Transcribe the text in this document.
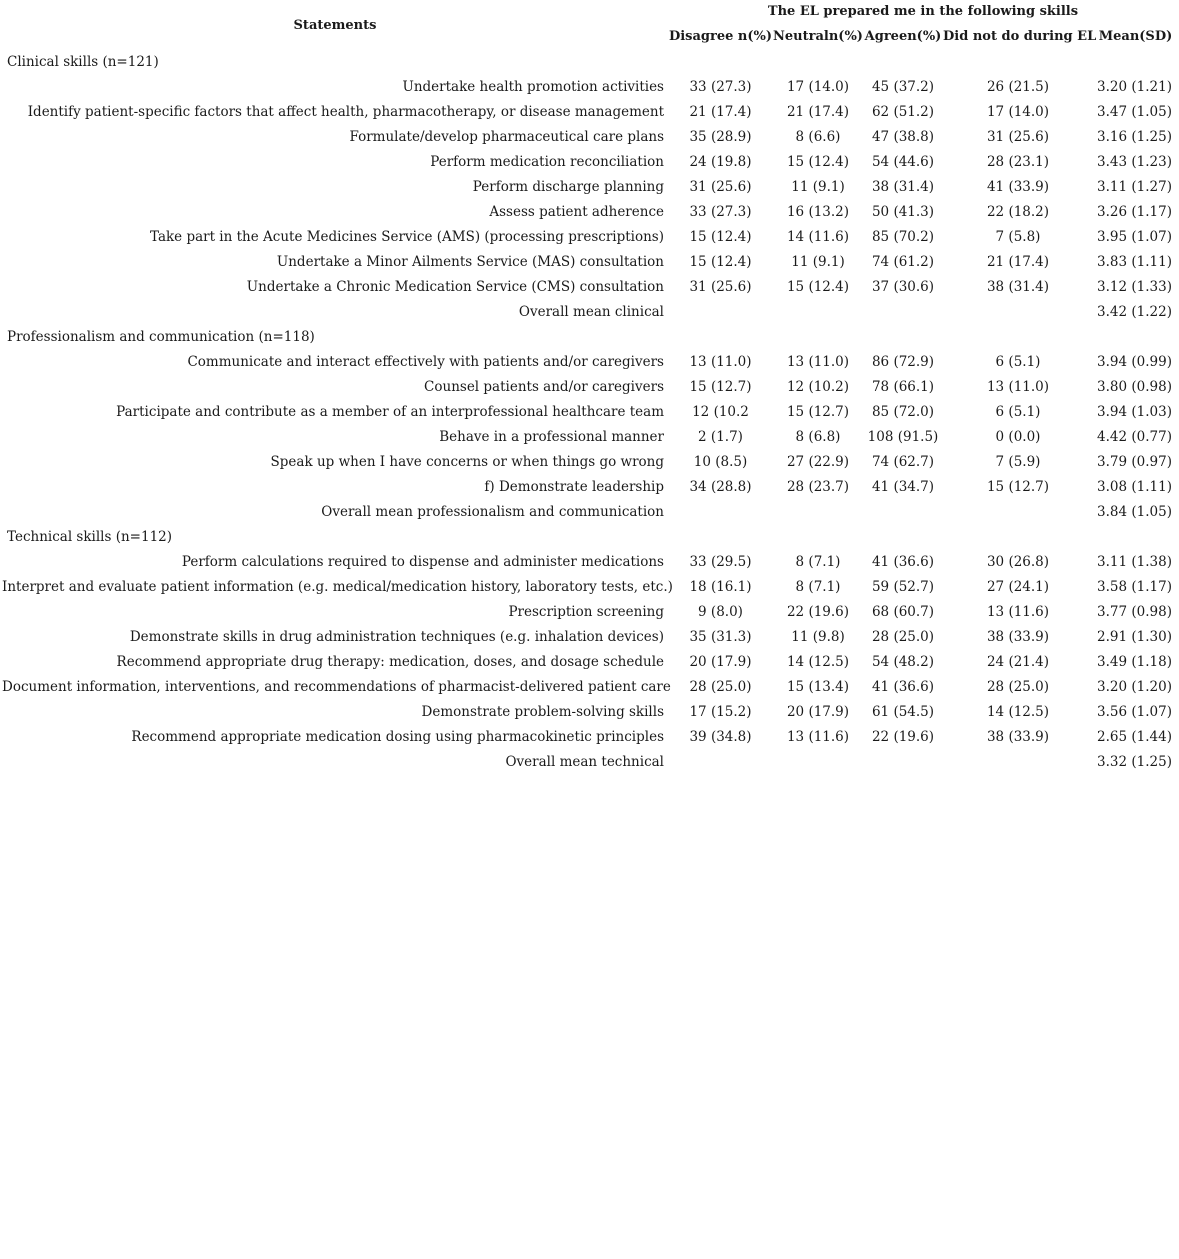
Statements	The EL prepared me in the following skills				
	Disagree n(%)	Neutraln(%)	Agreen(%)	Did not do during EL	Mean(SD)
Clinical skills (n=121)					
Undertake health promotion activities	33 (27.3)	17 (14.0)	45 (37.2)	26 (21.5)	3.20 (1.21)
Identify patient-specific factors that affect health, pharmacotherapy, or disease management	21 (17.4)	21 (17.4)	62 (51.2)	17 (14.0)	3.47 (1.05)
Formulate/develop pharmaceutical care plans	35 (28.9)	8 (6.6)	47 (38.8)	31 (25.6)	3.16 (1.25)
Perform medication reconciliation	24 (19.8)	15 (12.4)	54 (44.6)	28 (23.1)	3.43 (1.23)
Perform discharge planning	31 (25.6)	11 (9.1)	38 (31.4)	41 (33.9)	3.11 (1.27)
Assess patient adherence	33 (27.3)	16 (13.2)	50 (41.3)	22 (18.2)	3.26 (1.17)
Take part in the Acute Medicines Service (AMS) (processing prescriptions)	15 (12.4)	14 (11.6)	85 (70.2)	7 (5.8)	3.95 (1.07)
Undertake a Minor Ailments Service (MAS) consultation	15 (12.4)	11 (9.1)	74 (61.2)	21 (17.4)	3.83 (1.11)
Undertake a Chronic Medication Service (CMS) consultation	31 (25.6)	15 (12.4)	37 (30.6)	38 (31.4)	3.12 (1.33)
Overall mean clinical					3.42 (1.22)
Professionalism and communication (n=118)					
Communicate and interact effectively with patients and/or caregivers	13 (11.0)	13 (11.0)	86 (72.9)	6 (5.1)	3.94 (0.99)
Counsel patients and/or caregivers	15 (12.7)	12 (10.2)	78 (66.1)	13 (11.0)	3.80 (0.98)
Participate and contribute as a member of an interprofessional healthcare team	12 (10.2	15 (12.7)	85 (72.0)	6 (5.1)	3.94 (1.03)
Behave in a professional manner	2 (1.7)	8 (6.8)	108 (91.5)	0 (0.0)	4.42 (0.77)
Speak up when I have concerns or when things go wrong	10 (8.5)	27 (22.9)	74 (62.7)	7 (5.9)	3.79 (0.97)
f) Demonstrate leadership	34 (28.8)	28 (23.7)	41 (34.7)	15 (12.7)	3.08 (1.11)
Overall mean professionalism and communication					3.84 (1.05)
Technical skills (n=112)					
Perform calculations required to dispense and administer medications	33 (29.5)	8 (7.1)	41 (36.6)	30 (26.8)	3.11 (1.38)
Interpret and evaluate patient information (e.g. medical/medication history, laboratory tests, etc.)	18 (16.1)	8 (7.1)	59 (52.7)	27 (24.1)	3.58 (1.17)
Prescription screening	9 (8.0)	22 (19.6)	68 (60.7)	13 (11.6)	3.77 (0.98)
Demonstrate skills in drug administration techniques (e.g. inhalation devices)	35 (31.3)	11 (9.8)	28 (25.0)	38 (33.9)	2.91 (1.30)
Recommend appropriate drug therapy: medication, doses, and dosage schedule	20 (17.9)	14 (12.5)	54 (48.2)	24 (21.4)	3.49 (1.18)
Document information, interventions, and recommendations of pharmacist-delivered patient care	28 (25.0)	15 (13.4)	41 (36.6)	28 (25.0)	3.20 (1.20)
Demonstrate problem-solving skills	17 (15.2)	20 (17.9)	61 (54.5)	14 (12.5)	3.56 (1.07)
Recommend appropriate medication dosing using pharmacokinetic principles	39 (34.8)	13 (11.6)	22 (19.6)	38 (33.9)	2.65 (1.44)
Overall mean technical					3.32 (1.25)
